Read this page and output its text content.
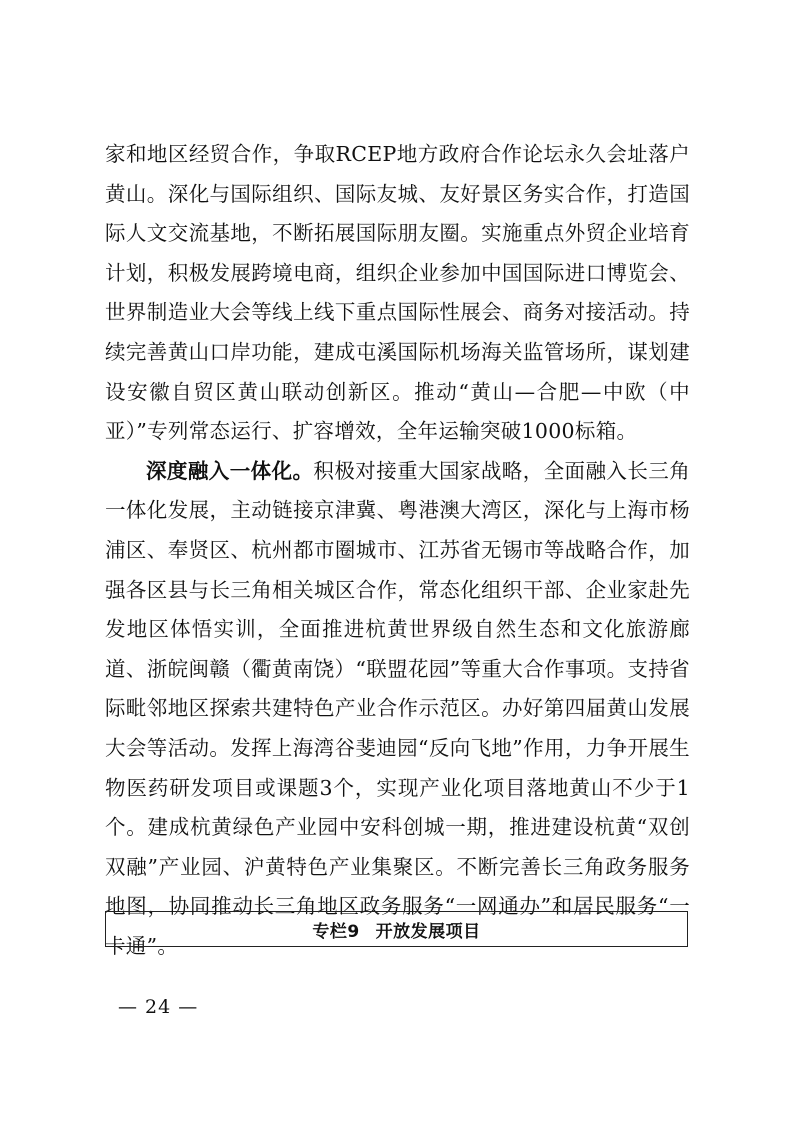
家和地区经贸合作，争取RCEP地方政府合作论坛永久会址落户黄山。深化与国际组织、国际友城、友好景区务实合作，打造国际人文交流基地，不断拓展国际朋友圈。实施重点外贸企业培育计划，积极发展跨境电商，组织企业参加中国国际进口博览会、世界制造业大会等线上线下重点国际性展会、商务对接活动。持续完善黄山口岸功能，建成屯溪国际机场海关监管场所，谋划建设安徽自贸区黄山联动创新区。推动“黄山—合肥—中欧（中亚）”专列常态运行、扩容增效，全年运输突破1000标箱。

深度融入一体化。积极对接重大国家战略，全面融入长三角一体化发展，主动链接京津冀、粤港澳大湾区，深化与上海市杨浦区、奉贤区、杭州都市圈城市、江苏省无锡市等战略合作，加强各区县与长三角相关城区合作，常态化组织干部、企业家赴先发地区体悟实训，全面推进杭黄世界级自然生态和文化旅游廊道、浙皖闽赣（衢黄南饶）“联盟花园”等重大合作事项。支持省际毗邻地区探索共建特色产业合作示范区。办好第四届黄山发展大会等活动。发挥上海湾谷斐迪园“反向飞地”作用，力争开展生物医药研发项目或课题3个，实现产业化项目落地黄山不少于1个。建成杭黄绿色产业园中安科创城一期，推进建设杭黄“双创双融”产业园、沪黄特色产业集聚区。不断完善长三角政务服务地图，协同推动长三角地区政务服务“一网通办”和居民服务“一卡通”。

专栏9 开放发展项目
— 24 —
